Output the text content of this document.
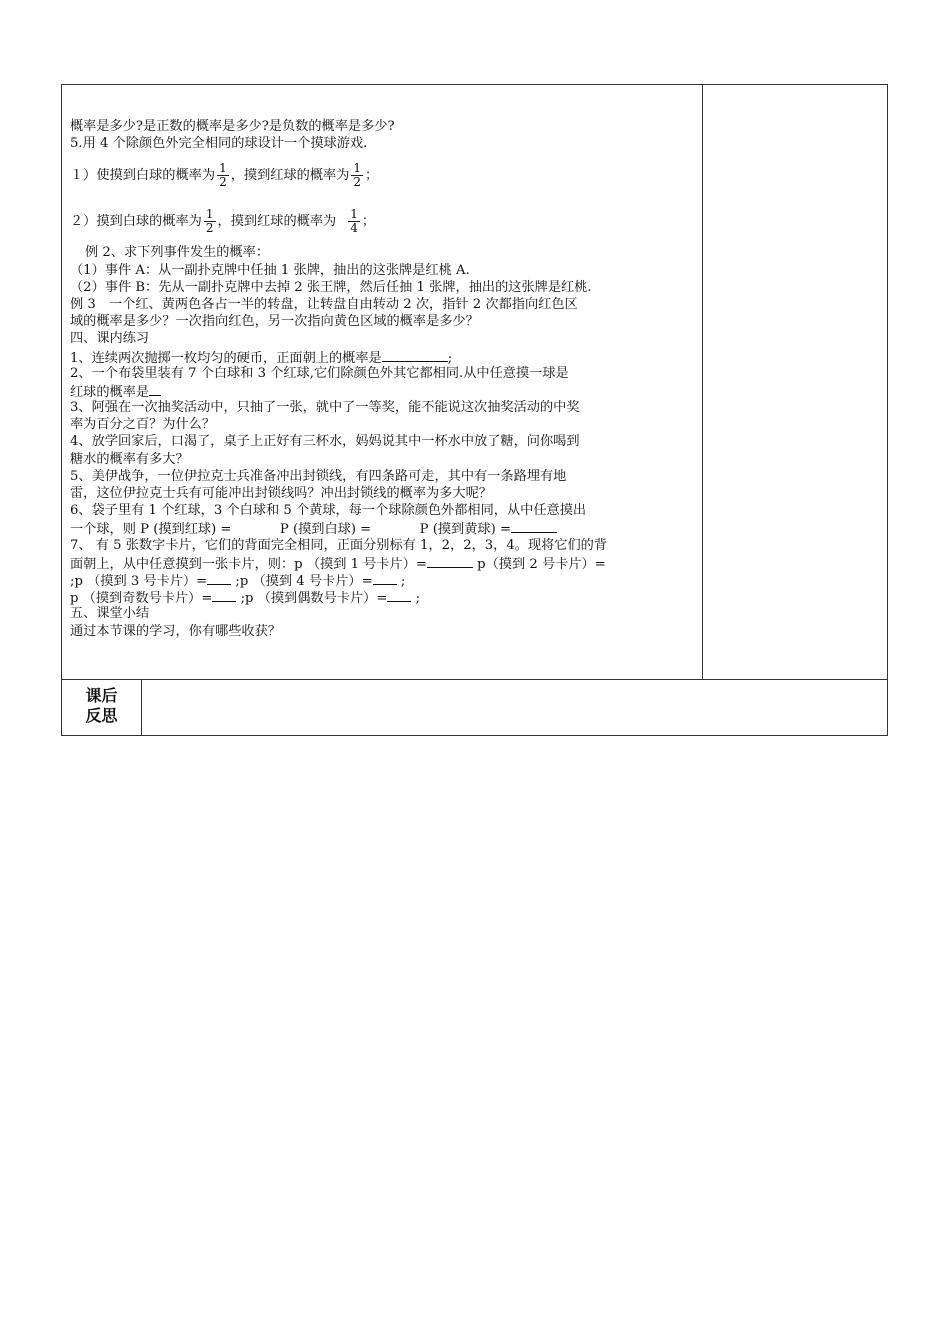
概率是多少?是正数的概率是多少?是负数的概率是多少?
5.用 4 个除颜色外完全相同的球设计一个摸球游戏.
１）使摸到白球的概率为 $\frac{1}{2}$ ，摸到红球的概率为 $\frac{1}{2}$ ；
２）摸到白球的概率为 $\frac{1}{2}$ ，摸到红球的概率为 $\frac{1}{4}$ ；
例 2、求下列事件发生的概率：
（1）事件 A：从一副扑克牌中任抽 1 张牌，抽出的这张牌是红桃 A.
（2）事件 B：先从一副扑克牌中去掉 2 张王牌，然后任抽 1 张牌，抽出的这张牌是红桃.
例 3　一个红、黄两色各占一半的转盘，让转盘自由转动 2 次，指针 2 次都指向红色区
域的概率是多少？一次指向红色，另一次指向黄色区域的概率是多少？
四、课内练习
1、连续两次抛掷一枚均匀的硬币，正面朝上的概率是	;
2、一个布袋里装有 7 个白球和 3 个红球,它们除颜色外其它都相同.从中任意摸一球是
红球的概率是
3、阿强在一次抽奖活动中，只抽了一张，就中了一等奖，能不能说这次抽奖活动的中奖
率为百分之百？为什么？
4、放学回家后，口渴了，桌子上正好有三杯水，妈妈说其中一杯水中放了糖，问你喝到
糖水的概率有多大？
5、美伊战争，一位伊拉克士兵准备冲出封锁线，有四条路可走，其中有一条路埋有地
雷，这位伊拉克士兵有可能冲出封锁线吗？冲出封锁线的概率为多大呢？
6、袋子里有 1 个红球，3 个白球和 5 个黄球，每一个球除颜色外都相同，从中任意摸出
一个球，则 P (摸到红球) =	P (摸到白球) =	P (摸到黄球) =
7、 有 5 张数字卡片，它们的背面完全相同，正面分别标有 1，2，2，3，4。现将它们的背
面朝上，从中任意摸到一张卡片，则：p （摸到 1 号卡片）=	p（摸到 2 号卡片）=
;p （摸到 3 号卡片）= ;p （摸到 4 号卡片）= ;
p （摸到奇数号卡片）= ;p （摸到偶数号卡片）= ;
五、课堂小结
通过本节课的学习，你有哪些收获？
课后
反思
